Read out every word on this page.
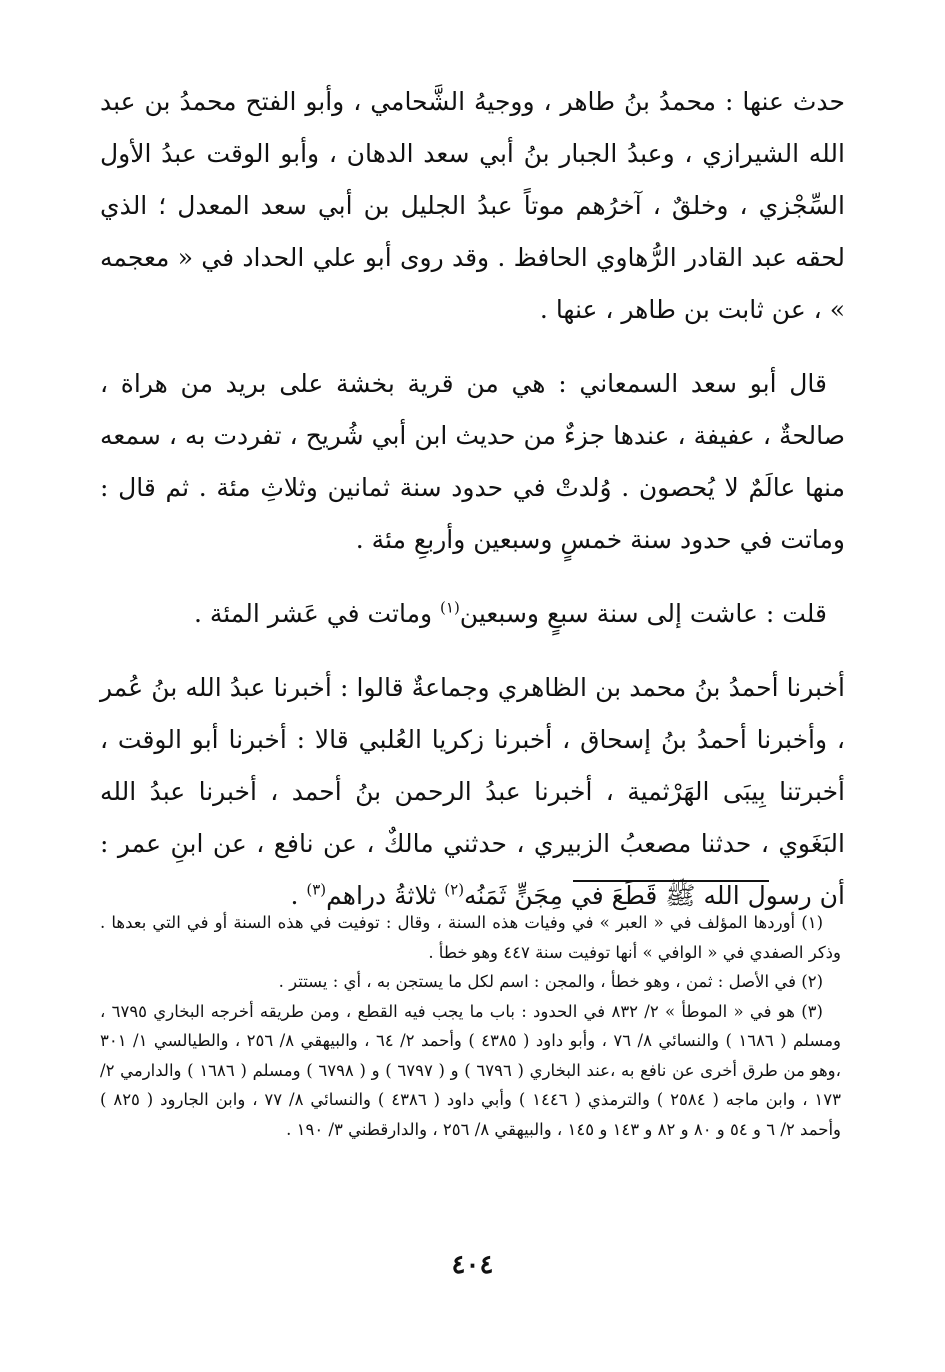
حدث عنها : محمدُ بنُ طاهر ، ووجيهُ الشَّحامي ، وأبو الفتح محمدُ بن عبد الله الشيرازي ، وعبدُ الجبار بنُ أبي سعد الدهان ، وأبو الوقت عبدُ الأول السِّجْزي ، وخلقٌ ، آخرُهم موتاً عبدُ الجليل بن أبي سعد المعدل ؛ الذي لحقه عبد القادر الرُّهاوي الحافظ . وقد روى أبو علي الحداد في « معجمه » ، عن ثابت بن طاهر ، عنها .

قال أبو سعد السمعاني : هي من قرية بخشة على بريد من هراة ، صالحةٌ ، عفيفة ، عندها جزءٌ من حديث ابن أبي شُريح ، تفردت به ، سمعه منها عالَمٌ لا يُحصون . وُلدتْ في حدود سنة ثمانين وثلاثِ مئة . ثم قال : وماتت في حدود سنة خمسٍ وسبعين وأربعِ مئة .

قلت : عاشت إلى سنة سبعٍ وسبعين$^{(١)}$ وماتت في عَشر المئة .

أخبرنا أحمدُ بنُ محمد بن الظاهري وجماعةٌ قالوا : أخبرنا عبدُ الله بنُ عُمر ، وأخبرنا أحمدُ بنُ إسحاق ، أخبرنا زكريا العُلبي قالا : أخبرنا أبو الوقت ، أخبرتنا بِيبَى الهَرْثمية ، أخبرنا عبدُ الرحمن بنُ أحمد ، أخبرنا عبدُ الله البَغَوي ، حدثنا مصعبُ الزبيري ، حدثني مالكٌ ، عن نافع ، عن ابنِ عمر : أن رسول الله ﷺ قَطَعَ في مِجَنٍّ ثَمَنُه$^{(٢)}$ ثلاثةُ دراهم$^{(٣)}$ .

(١) أوردها المؤلف في « العبر » في وفيات هذه السنة ، وقال : توفيت في هذه السنة أو في التي بعدها . وذكر الصفدي في « الوافي » أنها توفيت سنة ٤٤٧ وهو خطأ .

(٢) في الأصل : ثمن ، وهو خطأ ، والمجن : اسم لكل ما يستجن به ، أي : يستتر .

(٣) هو في « الموطأ » ٢/ ٨٣٢ في الحدود : باب ما يجب فيه القطع ، ومن طريقه أخرجه البخاري ٦٧٩٥ ، ومسلم ( ١٦٨٦ ) والنسائي ٨/ ٧٦ ، وأبو داود ( ٤٣٨٥ ) وأحمد ٢/ ٦٤ ، والبيهقي ٨/ ٢٥٦ ، والطيالسي ١/ ٣٠١ ،وهو من طرق أخرى عن نافع به ،عند البخاري ( ٦٧٩٦ ) و ( ٦٧٩٧ ) و ( ٦٧٩٨ ) ومسلم ( ١٦٨٦ ) والدارمي ٢/ ١٧٣ ، وابن ماجه ( ٢٥٨٤ ) والترمذي ( ١٤٤٦ ) وأبي داود ( ٤٣٨٦ ) والنسائي ٨/ ٧٧ ، وابن الجارود ( ٨٢٥ ) وأحمد ٢/ ٦ و ٥٤ و ٨٠ و ٨٢ و ١٤٣ و ١٤٥ ، والبيهقي ٨/ ٢٥٦ ، والدارقطني ٣/ ١٩٠ .

٤٠٤
